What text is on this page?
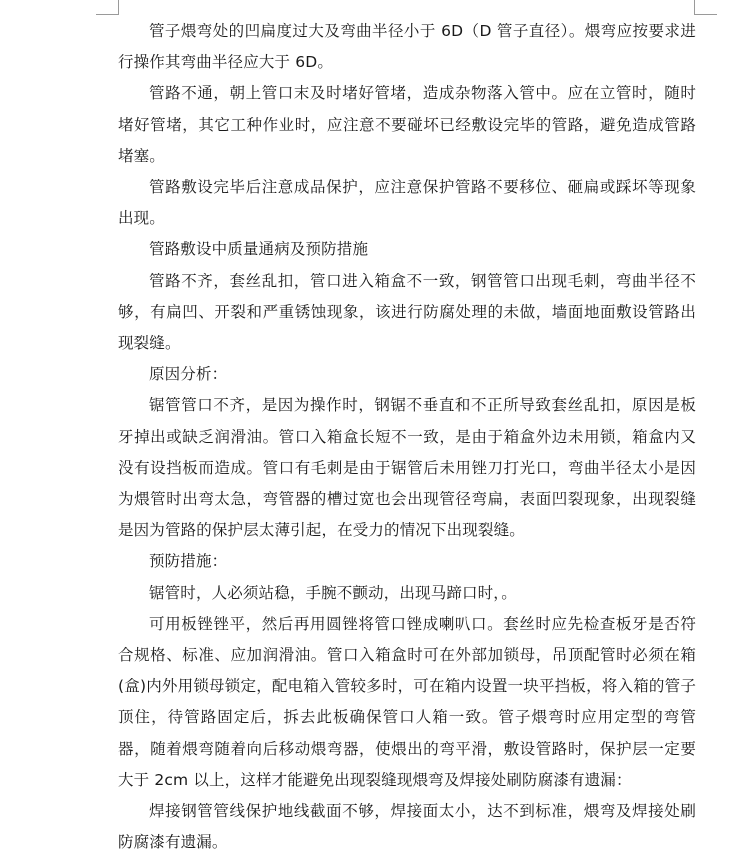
管子煨弯处的凹扁度过大及弯曲半径小于 6D（D 管子直径）。煨弯应按要求进行操作其弯曲半径应大于 6D。

管路不通，朝上管口末及时堵好管堵，造成杂物落入管中。应在立管时，随时堵好管堵，其它工种作业时，应注意不要碰坏已经敷设完毕的管路，避免造成管路堵塞。

管路敷设完毕后注意成品保护，应注意保护管路不要移位、砸扁或踩坏等现象出现。

管路敷设中质量通病及预防措施

管路不齐，套丝乱扣，管口进入箱盒不一致，钢管管口出现毛刺，弯曲半径不够，有扁凹、开裂和严重锈蚀现象，该进行防腐处理的未做，墙面地面敷设管路出现裂缝。

原因分析：

锯管管口不齐，是因为操作时，钢锯不垂直和不正所导致套丝乱扣，原因是板牙掉出或缺乏润滑油。管口入箱盒长短不一致，是由于箱盒外边未用锁，箱盒内又没有设挡板而造成。管口有毛刺是由于锯管后未用锉刀打光口，弯曲半径太小是因为煨管时出弯太急，弯管器的槽过宽也会出现管径弯扁，表面凹裂现象，出现裂缝是因为管路的保护层太薄引起，在受力的情况下出现裂缝。

预防措施：

锯管时，人必须站稳，手腕不颤动，出现马蹄口时，。

可用板锉锉平，然后再用圆锉将管口锉成喇叭口。套丝时应先检查板牙是否符合规格、标准、应加润滑油。管口入箱盒时可在外部加锁母，吊顶配管时必须在箱(盒)内外用锁母锁定，配电箱入管较多时，可在箱内设置一块平挡板，将入箱的管子顶住，待管路固定后，拆去此板确保管口人箱一致。管子煨弯时应用定型的弯管器，随着煨弯随着向后移动煨弯器，使煨出的弯平滑，敷设管路时，保护层一定要大于 2cm 以上，这样才能避免出现裂缝现煨弯及焊接处刷防腐漆有遗漏：

焊接钢管管线保护地线截面不够，焊接面太小，达不到标准，煨弯及焊接处刷防腐漆有遗漏。
